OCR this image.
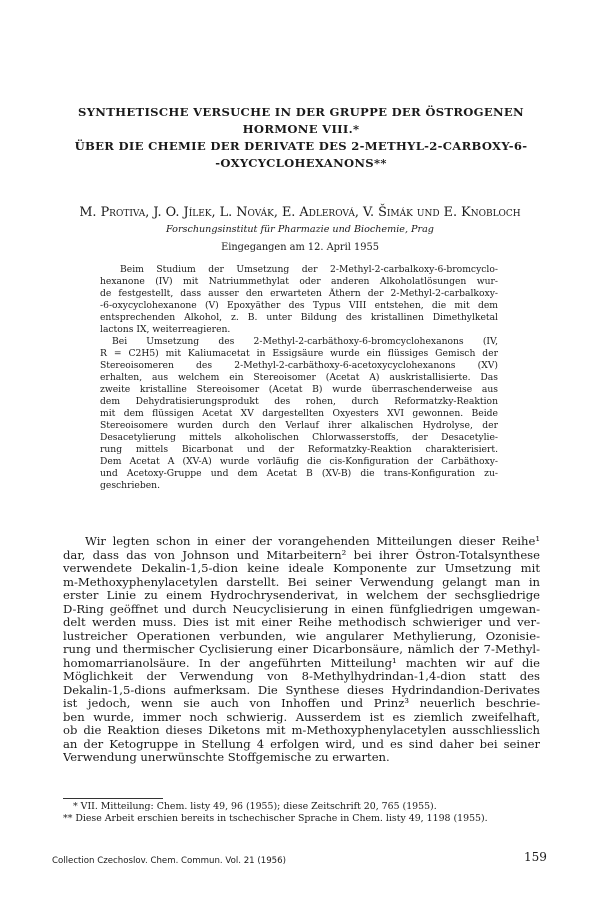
SYNTHETISCHE VERSUCHE IN DER GRUPPE DER ÖSTROGENEN
HORMONE VIII.*
ÜBER DIE CHEMIE DER DERIVATE DES 2-METHYL-2-CARBOXY-6-
-OXYCYCLOHEXANONS**
M. Protiva, J. O. Jílek, L. Novák, E. Adlerová, V. Šimák und E. Knobloch
Forschungsinstitut für Pharmazie und Biochemie, Prag
Eingegangen am 12. April 1955
Beim Studium der Umsetzung der 2-Methyl-2-carbalkoxy-6-bromcyclo-
hexanone (IV) mit Natriummethylat oder anderen Alkoholatlösungen wur-
de festgestellt, dass ausser den erwarteten Äthern der 2-Methyl-2-carbalkoxy-
-6-oxycyclohexanone (V) Epoxyäther des Typus VIII entstehen, die mit dem
entsprechenden Alkohol, z. B. unter Bildung des kristallinen Dimethylketal
lactons IX, weiterreagieren.
Bei Umsetzung des 2-Methyl-2-carbäthoxy-6-bromcyclohexanons (IV,
R = C2H5) mit Kaliumacetat in Essigsäure wurde ein flüssiges Gemisch der
Stereoisomeren des 2-Methyl-2-carbäthoxy-6-acetoxycyclohexanons (XV)
erhalten, aus welchem ein Stereoisomer (Acetat A) auskristallisierte. Das
zweite kristalline Stereoisomer (Acetat B) wurde überraschenderweise aus
dem Dehydratisierungsprodukt des rohen, durch Reformatzky-Reaktion
mit dem flüssigen Acetat XV dargestellten Oxyesters XVI gewonnen. Beide
Stereoisomere wurden durch den Verlauf ihrer alkalischen Hydrolyse, der
Desacetylierung mittels alkoholischen Chlorwasserstoffs, der Desacetylie-
rung mittels Bicarbonat und der Reformatzky-Reaktion charakterisiert.
Dem Acetat A (XV-A) wurde vorläufig die cis-Konfiguration der Carbäthoxy-
und Acetoxy-Gruppe und dem Acetat B (XV-B) die trans-Konfiguration zu-
geschrieben.
Wir legten schon in einer der vorangehenden Mitteilungen dieser Reihe¹
dar, dass das von Johnson und Mitarbeitern² bei ihrer Östron-Totalsynthese
verwendete Dekalin-1,5-dion keine ideale Komponente zur Umsetzung mit
m-Methoxyphenylacetylen darstellt. Bei seiner Verwendung gelangt man in
erster Linie zu einem Hydrochrysenderivat, in welchem der sechsgliedrige
D-Ring geöffnet und durch Neucyclisierung in einen fünfgliedrigen umgewan-
delt werden muss. Dies ist mit einer Reihe methodisch schwieriger und ver-
lustreicher Operationen verbunden, wie angularer Methylierung, Ozonisie-
rung und thermischer Cyclisierung einer Dicarbonsäure, nämlich der 7-Methyl-
homomarrianolsäure. In der angeführten Mitteilung¹ machten wir auf die
Möglichkeit der Verwendung von 8-Methylhydrindan-1,4-dion statt des
Dekalin-1,5-dions aufmerksam. Die Synthese dieses Hydrindandion-Derivates
ist jedoch, wenn sie auch von Inhoffen und Prinz³ neuerlich beschrie-
ben wurde, immer noch schwierig. Ausserdem ist es ziemlich zweifelhaft,
ob die Reaktion dieses Diketons mit m-Methoxyphenylacetylen ausschliesslich
an der Ketogruppe in Stellung 4 erfolgen wird, und es sind daher bei seiner
Verwendung unerwünschte Stoffgemische zu erwarten.
* VII. Mitteilung: Chem. listy 49, 96 (1955); diese Zeitschrift 20, 765 (1955).
** Diese Arbeit erschien bereits in tschechischer Sprache in Chem. listy 49, 1198 (1955).
Collection Czechoslov. Chem. Commun. Vol. 21 (1956)	159
